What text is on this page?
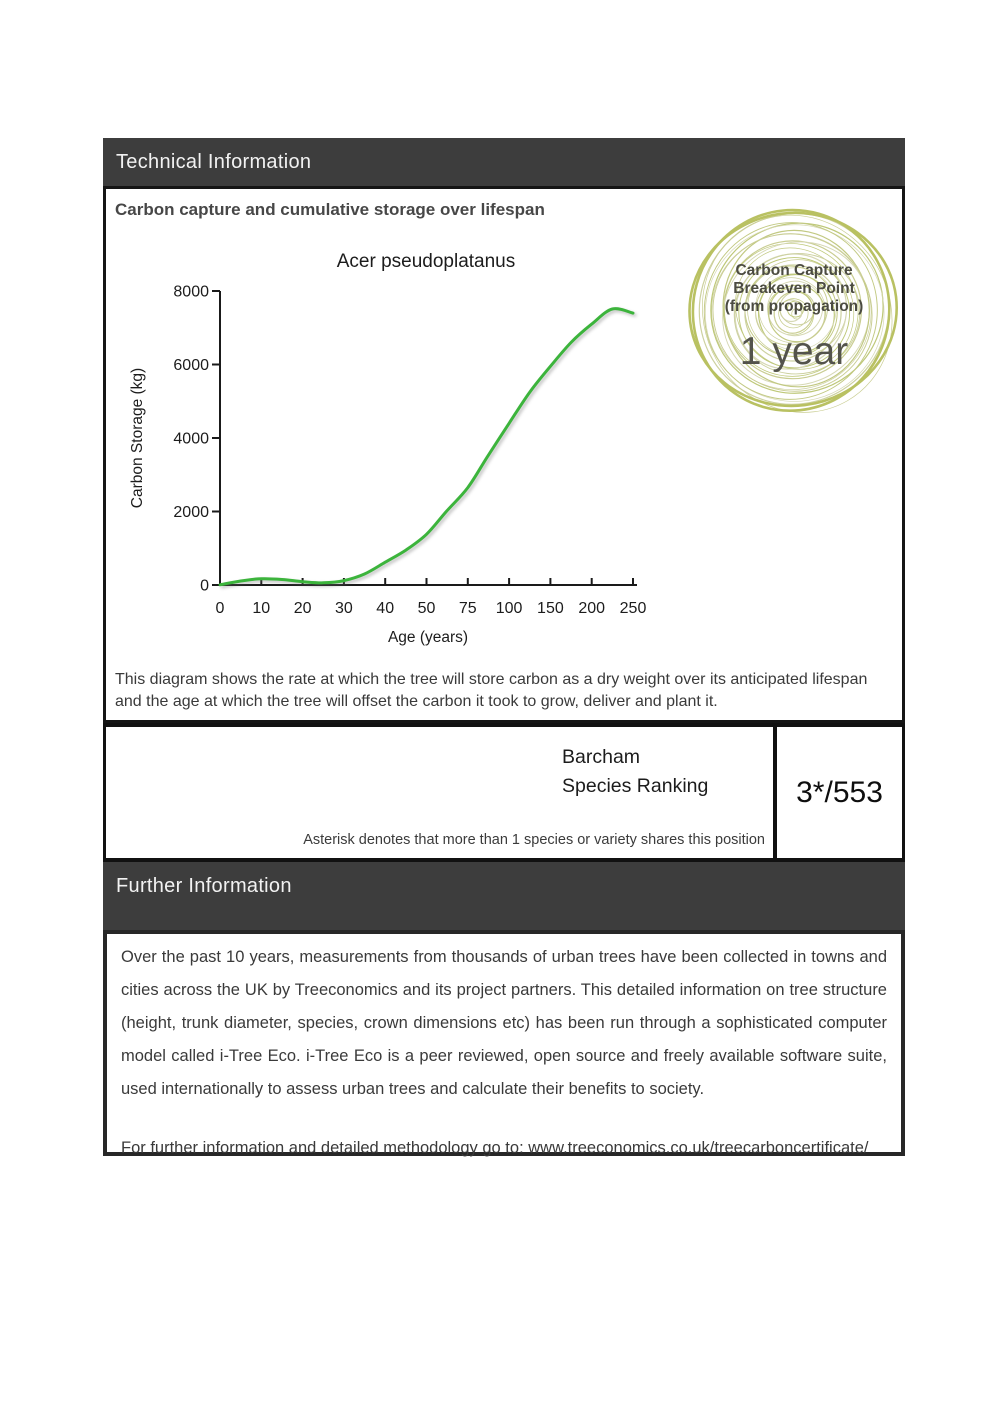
Technical Information
Carbon capture and cumulative storage over lifespan
Acer pseudoplatanus
0 10 20 30 40 50 75 100 150 200 250
0
2000
4000
6000
8000
Age (years)
Carbon Storage (kg)
Carbon Capture
Breakeven Point
(from propagation)
1 year

This diagram shows the rate at which the tree will store carbon as a dry weight over its anticipated lifespan and the age at which the tree will offset the carbon it took to grow, deliver and plant it.

Barcham
Species Ranking
Asterisk denotes that more than 1 species or variety shares this position
3*/553
Further Information

Over the past 10 years, measurements from thousands of urban trees have been collected in towns and cities across the UK by Treeconomics and its project partners. This detailed information on tree structure (height, trunk diameter, species, crown dimensions etc) has been run through a sophisticated computer model called i-Tree Eco. i-Tree Eco is a peer reviewed, open source and freely available software suite, used internationally to assess urban trees and calculate their benefits to society.

For further information and detailed methodology go to: www.treeconomics.co.uk/treecarboncertificate/
